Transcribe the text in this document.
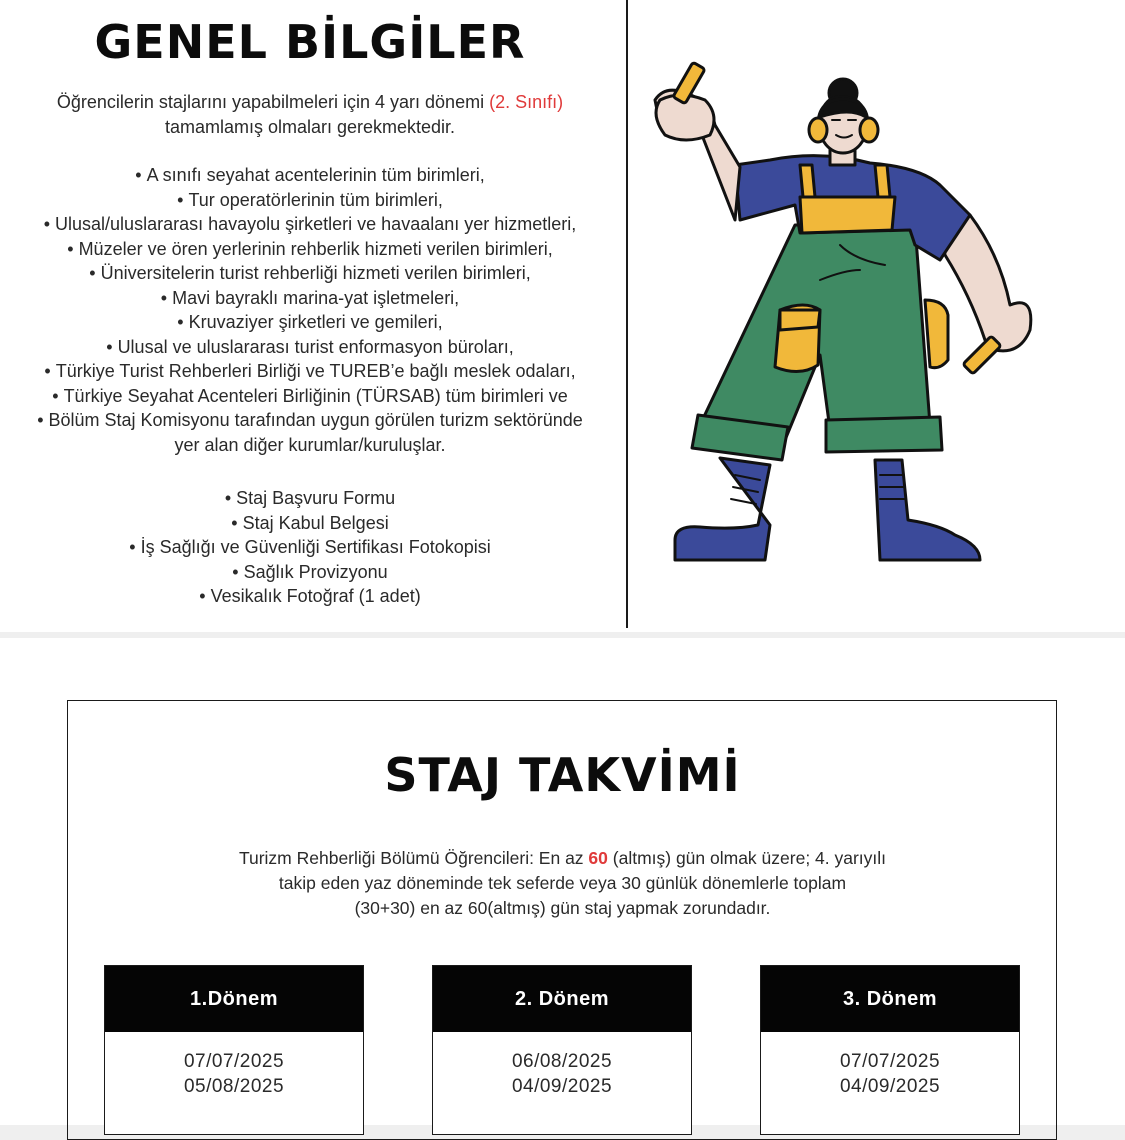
GENEL BİLGİLER

Öğrencilerin stajlarını yapabilmeleri için 4 yarı dönemi (2. Sınıfı)
tamamlamış olmaları gerekmektedir.

• A sınıfı seyahat acentelerinin tüm birimleri,
• Tur operatörlerinin tüm birimleri,
• Ulusal/uluslararası havayolu şirketleri ve havaalanı yer hizmetleri,
• Müzeler ve ören yerlerinin rehberlik hizmeti verilen birimleri,
• Üniversitelerin turist rehberliği hizmeti verilen birimleri,
• Mavi bayraklı marina-yat işletmeleri,
• Kruvaziyer şirketleri ve gemileri,
• Ulusal ve uluslararası turist enformasyon büroları,
• Türkiye Turist Rehberleri Birliği ve TUREB’e bağlı meslek odaları,
• Türkiye Seyahat Acenteleri Birliğinin (TÜRSAB) tüm birimleri ve
• Bölüm Staj Komisyonu tarafından uygun görülen turizm sektöründe
yer alan diğer kurumlar/kuruluşlar.
• Staj Başvuru Formu
• Staj Kabul Belgesi
• İş Sağlığı ve Güvenliği Sertifikası Fotokopisi
• Sağlık Provizyonu
• Vesikalık Fotoğraf (1 adet)
STAJ TAKVİMİ

Turizm Rehberliği Bölümü Öğrencileri: En az 60 (altmış) gün olmak üzere; 4. yarıyılı
takip eden yaz döneminde tek seferde veya 30 günlük dönemlerle toplam
(30+30) en az 60(altmış) gün staj yapmak zorundadır.

1.Dönem
07/07/2025
05/08/2025
2. Dönem
06/08/2025
04/09/2025
3. Dönem
07/07/2025
04/09/2025
